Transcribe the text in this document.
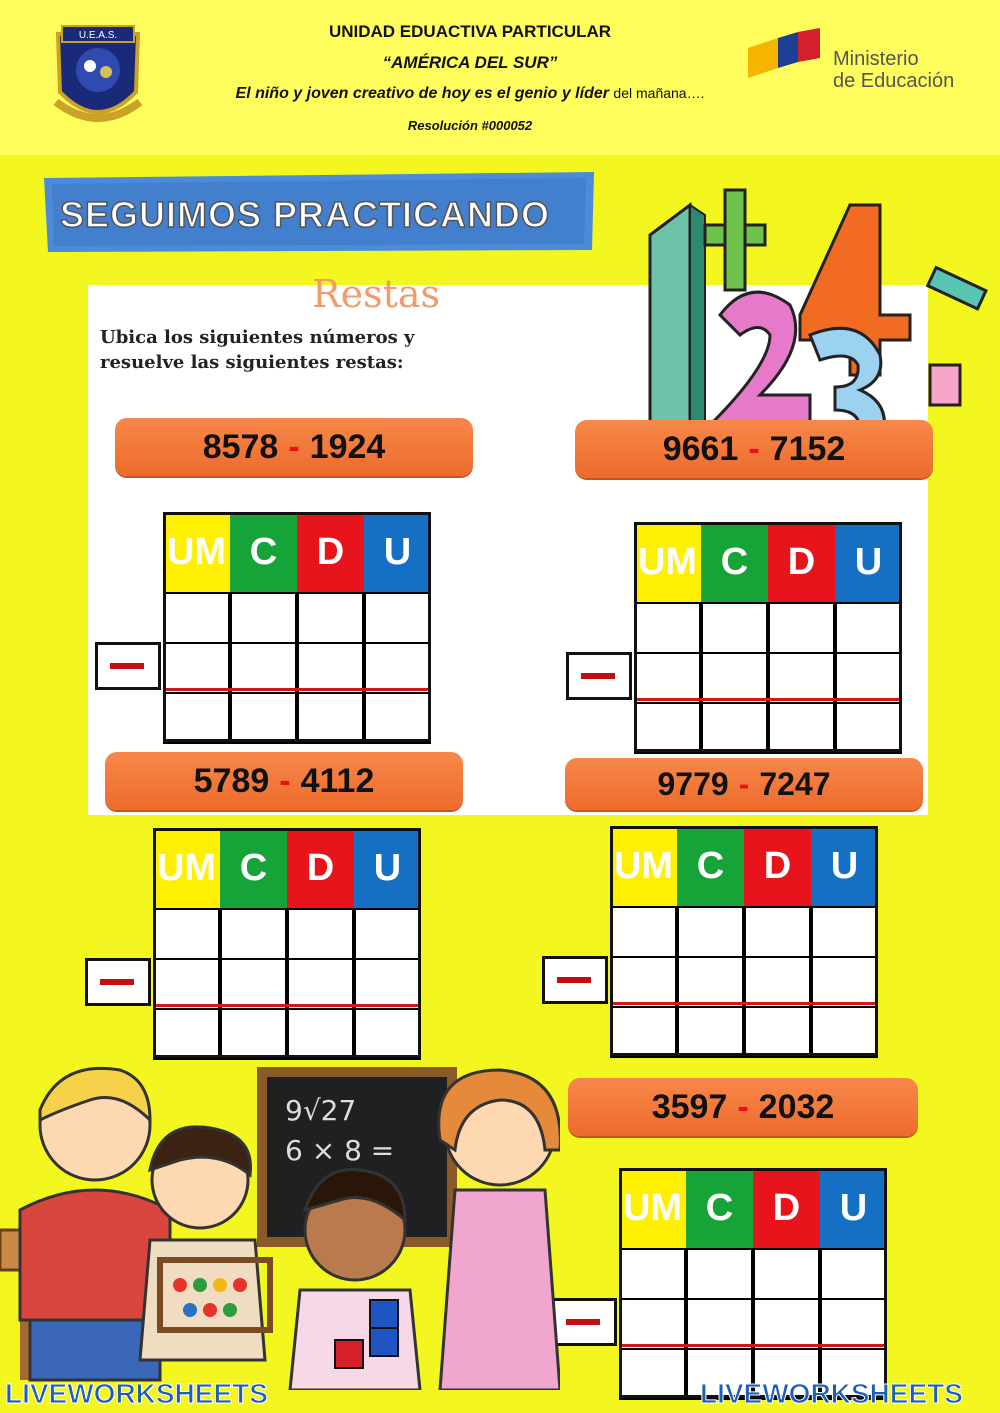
U.E.A.S.	UNIDAD EDUACTIVA PARTICULAR
“AMÉRICA DEL SUR”
El niño y joven creativo de hoy es el genio y líder del mañana….
Resolución #000052
Ministerio
de Educación
SEGUIMOS PRACTICANDO
Restas
Ubica los siguientes números y
resuelve las siguientes restas:
8578 - 1924	9661 - 7152
5789 - 4112	9779 - 7247
3597 - 2032
UM C	D	U	UM C	D	U
UM C	D	U	UM C	D	U
UM C	D	U
9√27
6 × 8 =
LIVEWORKSHEETS	LIVEWORKSHEETS
